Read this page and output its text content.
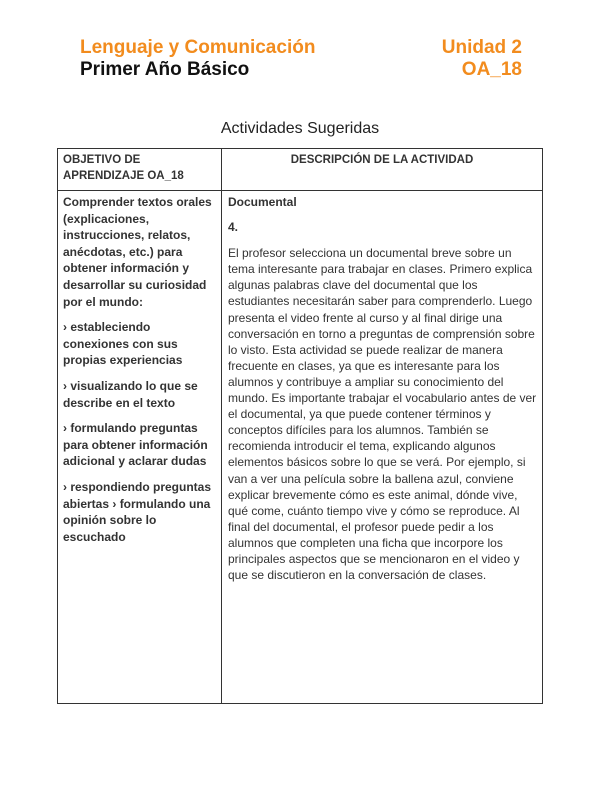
Lenguaje y Comunicación
Primer Año Básico
Unidad 2
OA_18
Actividades Sugeridas
OBJETIVO DE APRENDIZAJE OA_18
DESCRIPCIÓN DE LA ACTIVIDAD

Comprender textos orales (explicaciones, instrucciones, relatos, anécdotas, etc.) para obtener información y desarrollar su curiosidad por el mundo:

› estableciendo conexiones con sus propias experiencias

› visualizando lo que se describe en el texto

› formulando preguntas para obtener información adicional y aclarar dudas

› respondiendo preguntas abiertas › formulando una opinión sobre lo escuchado

Documental

4.

El profesor selecciona un documental breve sobre un tema interesante para trabajar en clases. Primero explica algunas palabras clave del documental que los estudiantes necesitarán saber para comprenderlo. Luego presenta el video frente al curso y al final dirige una conversación en torno a preguntas de comprensión sobre lo visto. Esta actividad se puede realizar de manera frecuente en clases, ya que es interesante para los alumnos y contribuye a ampliar su conocimiento del mundo. Es importante trabajar el vocabulario antes de ver el documental, ya que puede contener términos y conceptos difíciles para los alumnos. También se recomienda introducir el tema, explicando algunos elementos básicos sobre lo que se verá. Por ejemplo, si van a ver una película sobre la ballena azul, conviene explicar brevemente cómo es este animal, dónde vive, qué come, cuánto tiempo vive y cómo se reproduce. Al final del documental, el profesor puede pedir a los alumnos que completen una ficha que incorpore los principales aspectos que se mencionaron en el video y que se discutieron en la conversación de clases.
